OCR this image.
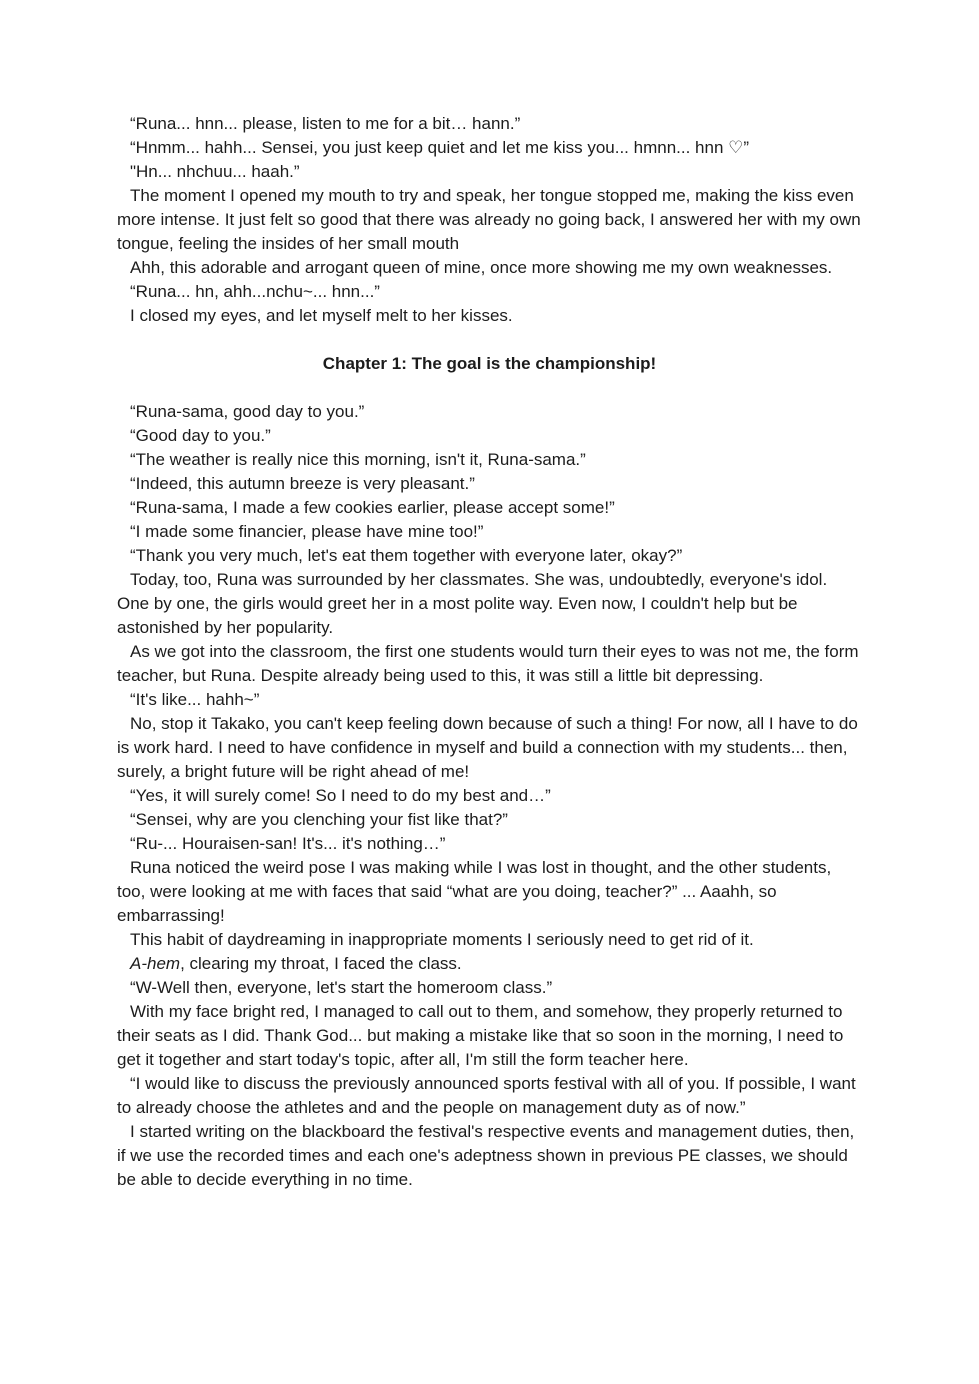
“Runa... hnn... please, listen to me for a bit… hann.”

“Hnmm... hahh... Sensei, you just keep quiet and let me kiss you... hmnn... hnn ♡”

"Hn... nhchuu... haah.”

The moment I opened my mouth to try and speak, her tongue stopped me, making the kiss even more intense. It just felt so good that there was already no going back, I answered her with my own tongue, feeling the insides of her small mouth

Ahh, this adorable and arrogant queen of mine, once more showing me my own weaknesses.

“Runa... hn, ahh...nchu~... hnn...”

I closed my eyes, and let myself melt to her kisses.

Chapter 1: The goal is the championship!

“Runa-sama, good day to you.”

“Good day to you.”

“The weather is really nice this morning, isn't it, Runa-sama.”

“Indeed, this autumn breeze is very pleasant.”

“Runa-sama, I made a few cookies earlier, please accept some!”

“I made some financier, please have mine too!”

“Thank you very much, let's eat them together with everyone later, okay?”

Today, too, Runa was surrounded by her classmates. She was, undoubtedly, everyone's idol. One by one, the girls would greet her in a most polite way. Even now, I couldn't help but be astonished by her popularity.

As we got into the classroom, the first one students would turn their eyes to was not me, the form teacher, but Runa. Despite already being used to this, it was still a little bit depressing.

“It's like... hahh~”

No, stop it Takako, you can't keep feeling down because of such a thing! For now, all I have to do is work hard. I need to have confidence in myself and build a connection with my students... then, surely, a bright future will be right ahead of me!

“Yes, it will surely come! So I need to do my best and…”

“Sensei, why are you clenching your fist like that?”

“Ru-... Houraisen-san! It's... it's nothing…”

Runa noticed the weird pose I was making while I was lost in thought, and the other students, too, were looking at me with faces that said “what are you doing, teacher?” ... Aaahh, so embarrassing!

This habit of daydreaming in inappropriate moments I seriously need to get rid of it.

A-hem, clearing my throat, I faced the class.

“W-Well then, everyone, let's start the homeroom class.”

With my face bright red, I managed to call out to them, and somehow, they properly returned to their seats as I did. Thank God... but making a mistake like that so soon in the morning, I need to get it together and start today's topic, after all, I'm still the form teacher here.

“I would like to discuss the previously announced sports festival with all of you. If possible, I want to already choose the athletes and and the people on management duty as of now.”

I started writing on the blackboard the festival's respective events and management duties, then, if we use the recorded times and each one's adeptness shown in previous PE classes, we should be able to decide everything in no time.
